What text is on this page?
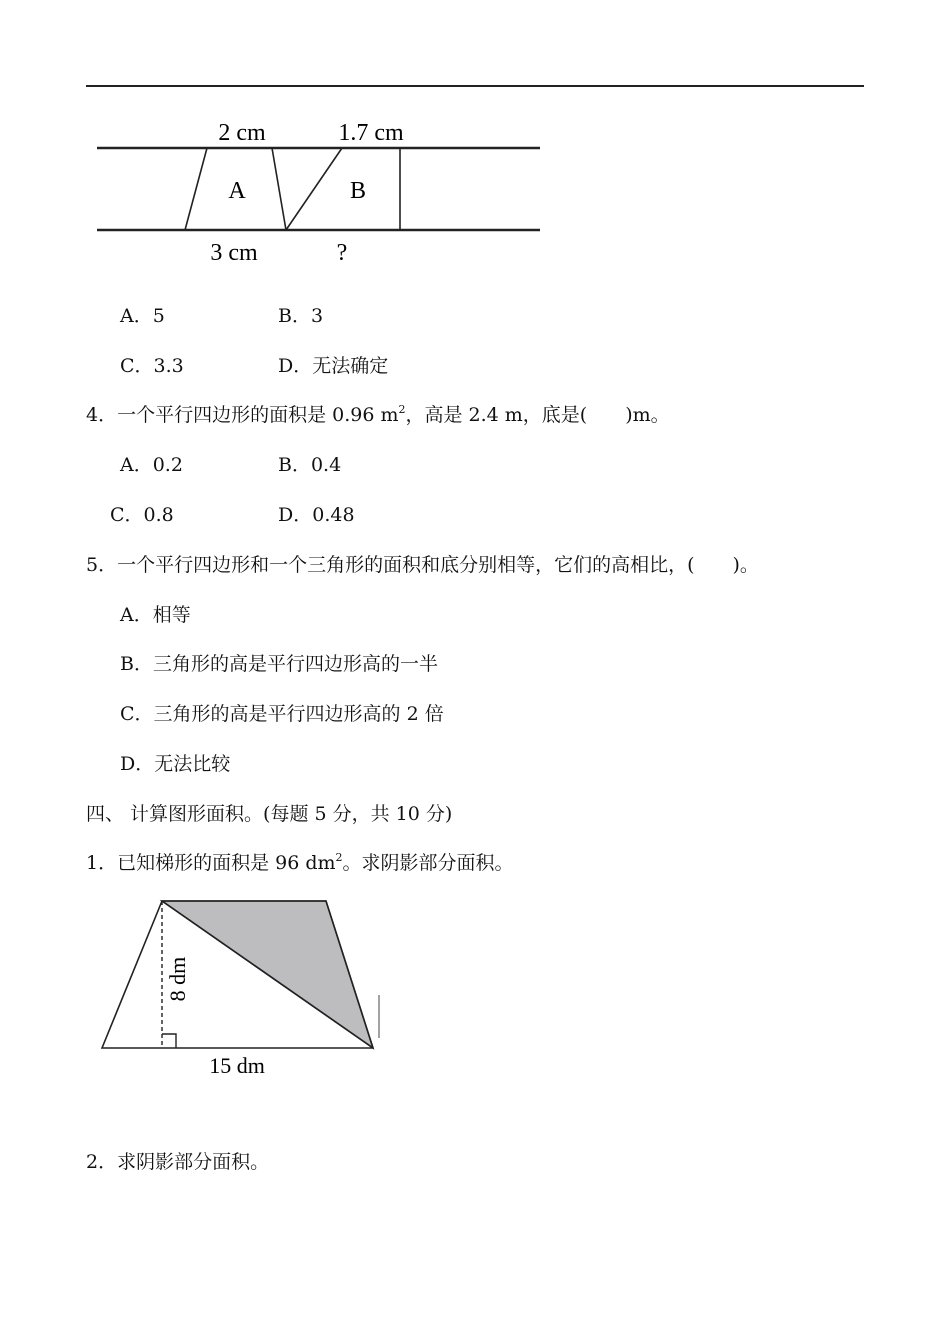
2 cm	1.7 cm
A	B
3 cm	?
A．5	B．3
C．3.3	D．无法确定
4．一个平行四边形的面积是 0.96 $m^2$，高是 2.4 m，底是(　　)m。
A．0.2	B．0.4
C．0.8	D．0.48
5．一个平行四边形和一个三角形的面积和底分别相等，它们的高相比，(　　)。
A．相等
B．三角形的高是平行四边形高的一半
C．三角形的高是平行四边形高的 2 倍
D．无法比较
四、 计算图形面积。(每题 5 分，共 10 分)
1．已知梯形的面积是 96 $dm^2$。求阴影部分面积。
8 dm
15 dm
2．求阴影部分面积。
